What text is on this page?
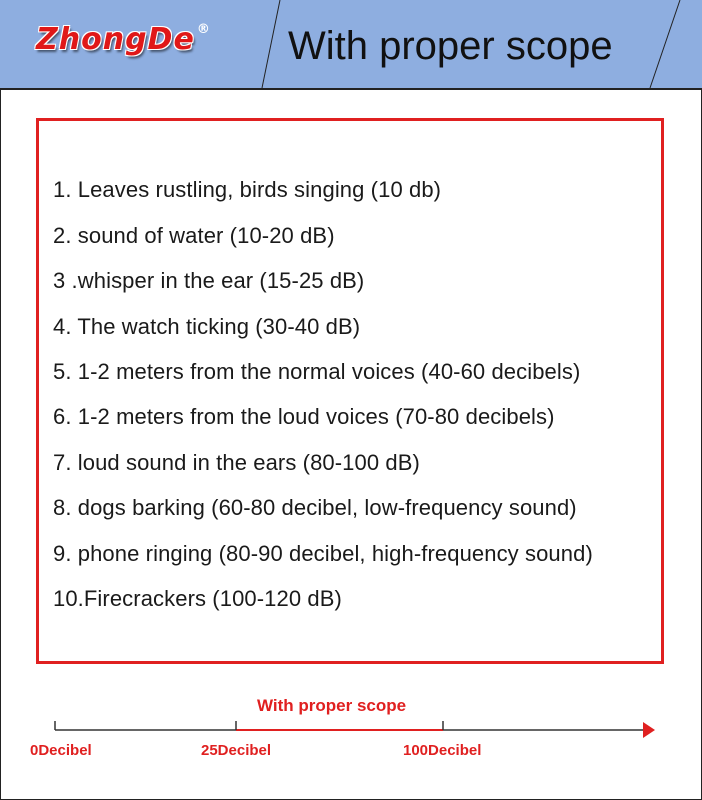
ZhongDe ® With proper scope
1. Leaves rustling, birds singing (10 db)
2. sound of water (10-20 dB)
3 .whisper in the ear (15-25 dB)
4. The watch ticking (30-40 dB)
5. 1-2 meters from the normal voices (40-60 decibels)
6. 1-2 meters from the loud voices (70-80 decibels)
7. loud sound in the ears (80-100 dB)
8. dogs barking (60-80 decibel, low-frequency sound)
9. phone ringing (80-90 decibel, high-frequency sound)
10.Firecrackers (100-120 dB)
With proper scope
0Decibel	25Decibel	100Decibel
